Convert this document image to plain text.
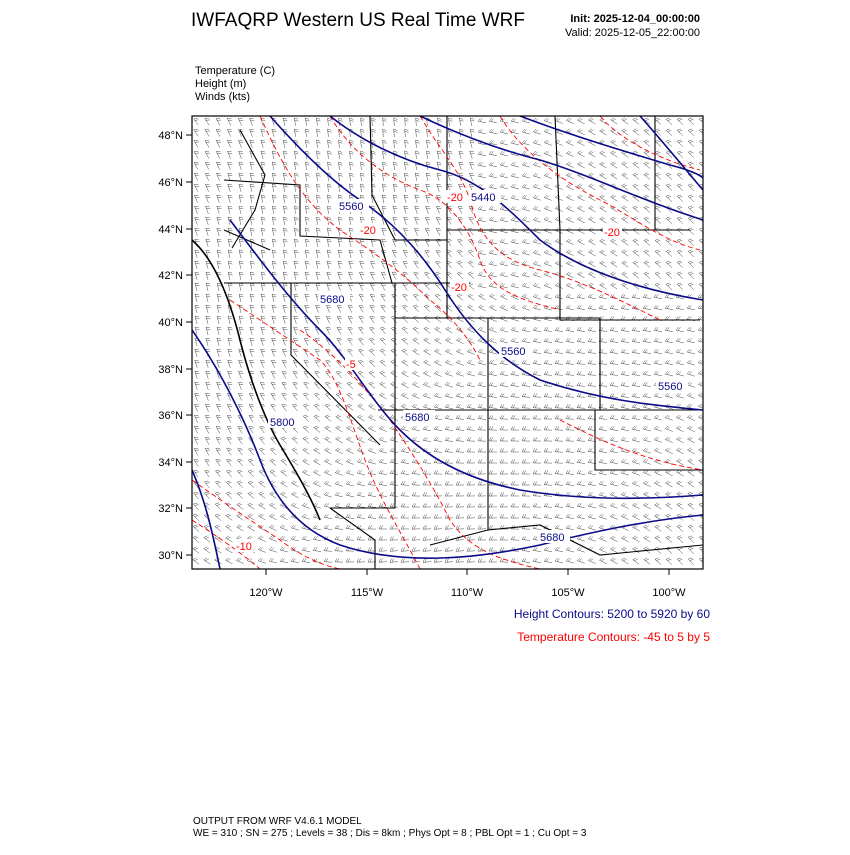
IWFAQRP Western US Real Time WRF	Init: 2025-12-04_00:00:00
Valid: 2025-12-05_22:00:00
Temperature (C)
Height (m)
Winds (kts)
5560
5440
5680
5560
5560
5800	5680
5680
-20
-20
-20
-20
-5
-10
48°N
46°N
44°N
42°N
40°N
38°N
36°N
34°N
32°N
30°N
120°W	115°W	110°W	105°W	100°W
Height Contours: 5200 to 5920 by 60
Temperature Contours: -45 to 5 by 5
OUTPUT FROM WRF V4.6.1 MODEL
WE = 310 ; SN = 275 ; Levels = 38 ; Dis = 8km ; Phys Opt = 8 ; PBL Opt = 1 ; Cu Opt = 3
